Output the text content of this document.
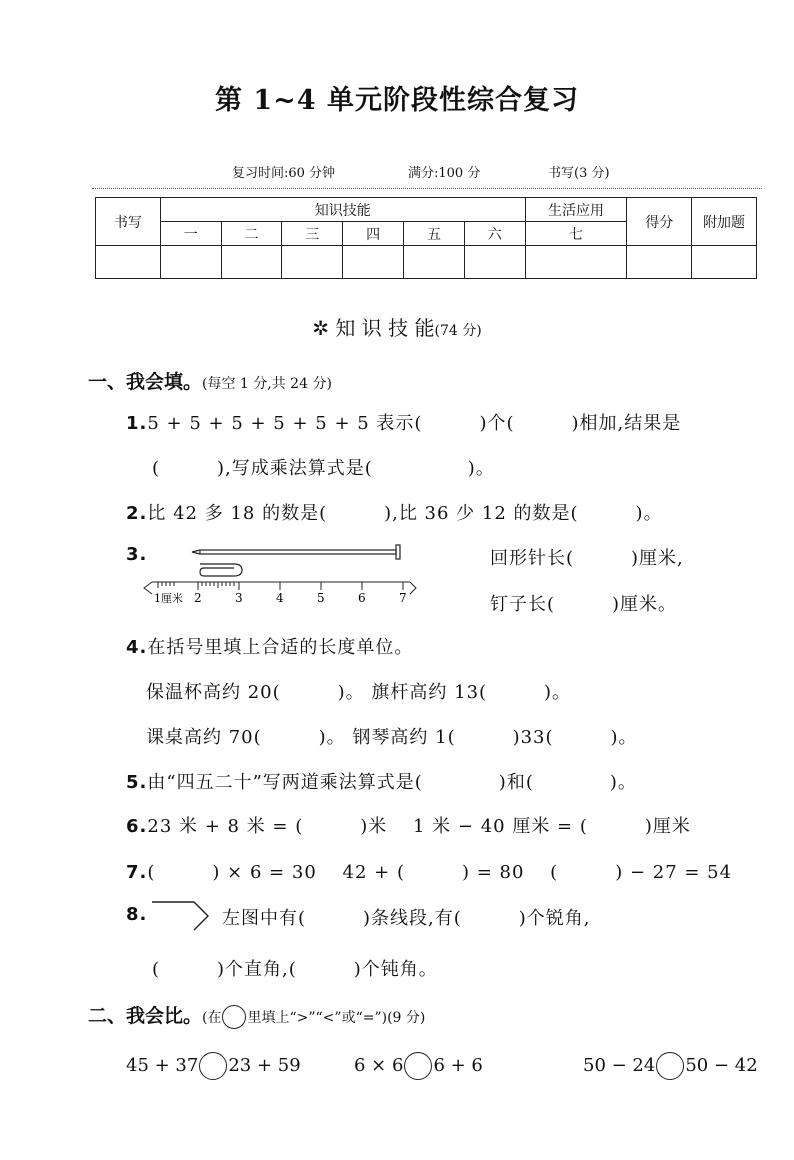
第 1~4 单元阶段性综合复习
复习时间:60 分钟	满分:100 分	书写(3 分)
书写	知识技能						生活应用	得分	附加题
	一	二	三	四	五	六	七		

✲ 知 识 技 能(74 分)
一、我会填。(每空 1 分,共 24 分)
1.5 + 5 + 5 + 5 + 5 + 5 表示(　　　)个(　　　)相加,结果是
(　　　),写成乘法算式是(　　　　　)。
2.比 42 多 18 的数是(　　　),比 36 少 12 的数是(　　　)。
3.
1厘米 2	3	4	5	6	7
回形针长(　　　)厘米,
钉子长(　　　)厘米。
4.在括号里填上合适的长度单位。
保温杯高约 20(　　　)。 旗杆高约 13(　　　)。
课桌高约 70(　　　)。 钢琴高约 1(　　　)33(　　　)。
5.由“四五二十”写两道乘法算式是(　　　　)和(　　　　)。
6.23 米 + 8 米 = (　　　)米　 1 米 − 40 厘米 = (　　　)厘米
7.(　　　) × 6 = 30　 42 + (　　　) = 80　 (　　　) − 27 = 54
8.	左图中有(　　　)条线段,有(　　　)个锐角,
(　　　)个直角,(　　　)个钝角。
二、我会比。(在 里填上“>”“<”或“=”)(9 分)
45 + 37 23 + 59	6 × 6 6 + 6	50 − 24 50 − 42
